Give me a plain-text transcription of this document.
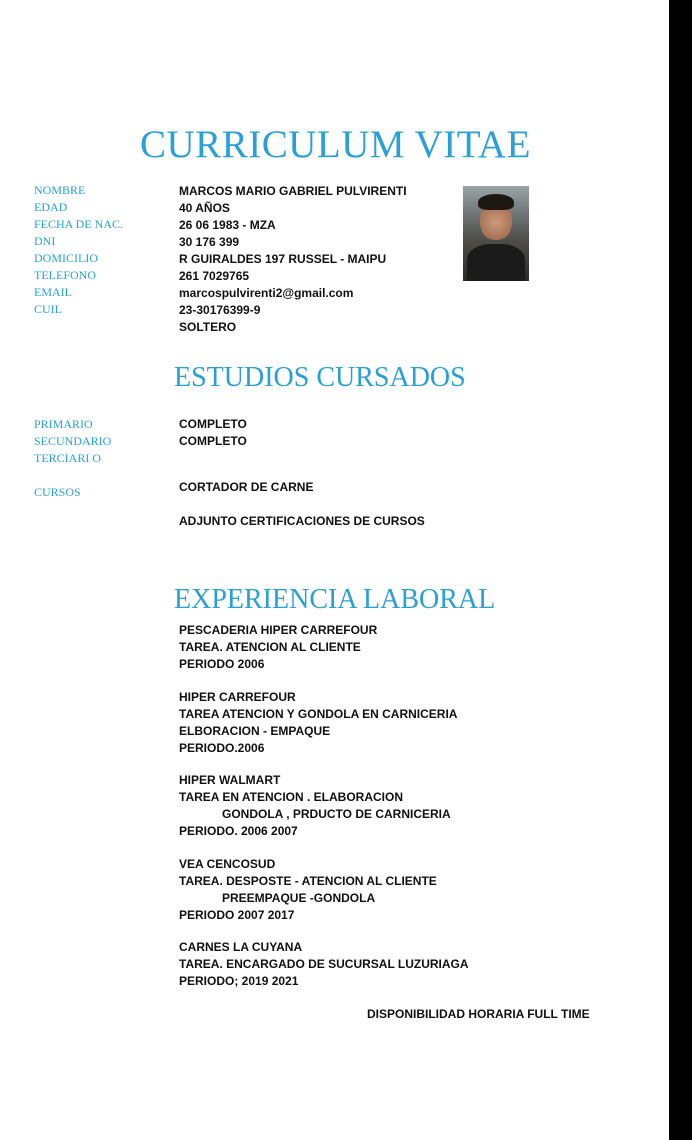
CURRICULUM VITAE
NOMBRE
EDAD
FECHA DE NAC.
DNI
DOMICILIO
TELEFONO
EMAIL
CUIL
MARCOS MARIO GABRIEL PULVIRENTI
40 AÑOS
26 06 1983 - MZA
30 176 399
R GUIRALDES 197 RUSSEL - MAIPU
261 7029765
marcospulvirenti2@gmail.com
23-30176399-9
SOLTERO
ESTUDIOS CURSADOS
PRIMARIO
SECUNDARIO
TERCIARI O
COMPLETO
COMPLETO
CURSOS	CORTADOR DE CARNE
ADJUNTO CERTIFICACIONES DE CURSOS
EXPERIENCIA LABORAL
PESCADERIA HIPER CARREFOUR
TAREA. ATENCION AL CLIENTE
PERIODO 2006
HIPER CARREFOUR
TAREA ATENCION Y GONDOLA EN CARNICERIA
ELBORACION - EMPAQUE
PERIODO.2006
HIPER WALMART
TAREA EN ATENCION . ELABORACION
GONDOLA , PRDUCTO DE CARNICERIA
PERIODO. 2006 2007
VEA CENCOSUD
TAREA. DESPOSTE - ATENCION AL CLIENTE
PREEMPAQUE -GONDOLA
PERIODO 2007 2017
CARNES LA CUYANA
TAREA. ENCARGADO DE SUCURSAL LUZURIAGA
PERIODO; 2019 2021
DISPONIBILIDAD HORARIA FULL TIME
